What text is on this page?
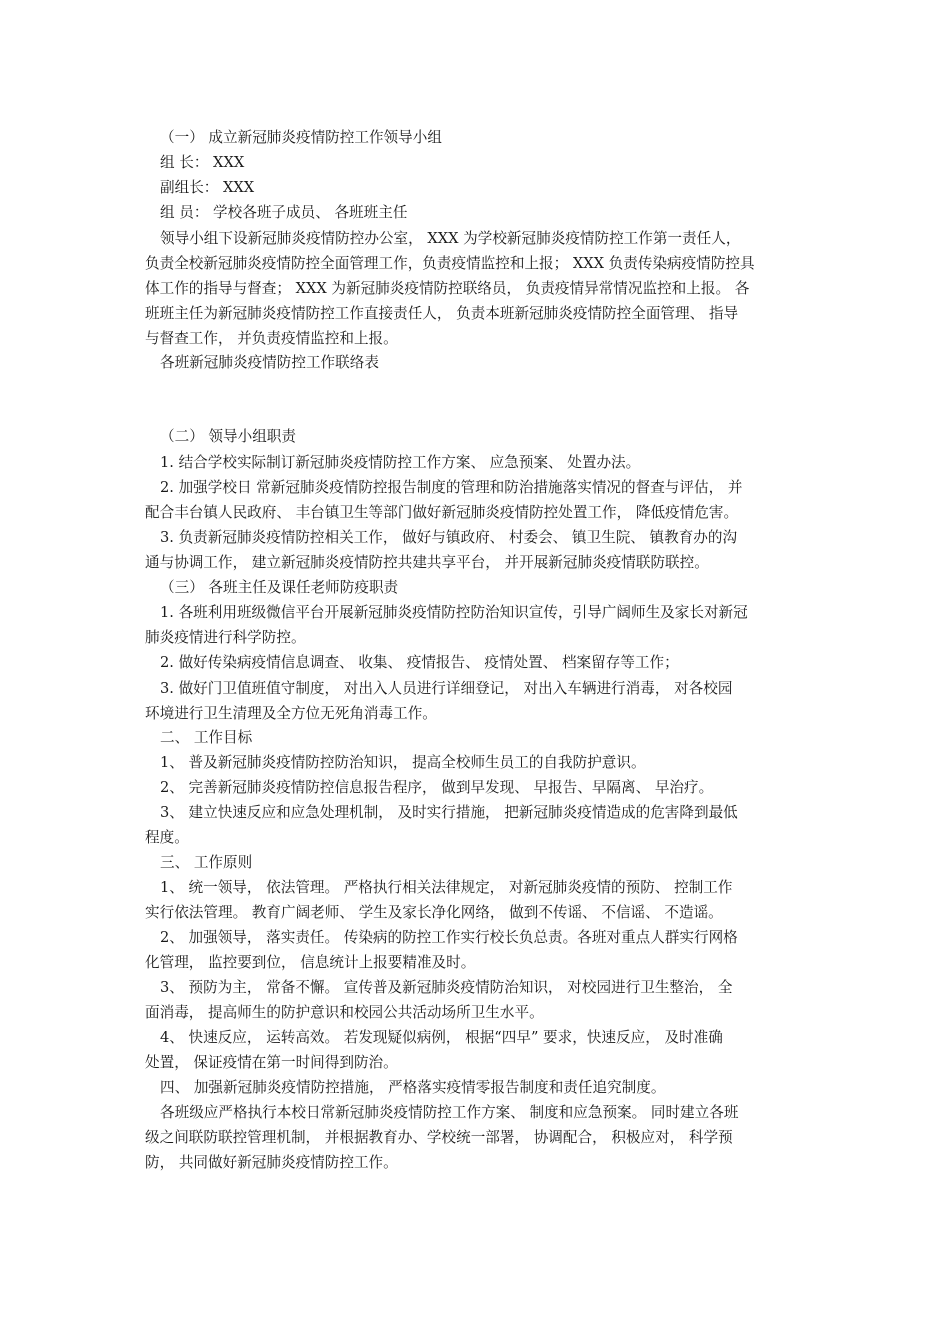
（一） 成立新冠肺炎疫情防控工作领导小组
组 长： XXX
副组长： XXX
组 员： 学校各班子成员、 各班班主任
领导小组下设新冠肺炎疫情防控办公室， XXX 为学校新冠肺炎疫情防控工作第一责任人，
负责全校新冠肺炎疫情防控全面管理工作，负责疫情监控和上报； XXX 负责传染病疫情防控具
体工作的指导与督查； XXX 为新冠肺炎疫情防控联络员， 负责疫情异常情况监控和上报。 各
班班主任为新冠肺炎疫情防控工作直接责任人， 负责本班新冠肺炎疫情防控全面管理、 指导
与督查工作， 并负责疫情监控和上报。
各班新冠肺炎疫情防控工作联络表
（二） 领导小组职责
1. 结合学校实际制订新冠肺炎疫情防控工作方案、 应急预案、 处置办法。
2. 加强学校日 常新冠肺炎疫情防控报告制度的管理和防治措施落实情况的督查与评估， 并
配合丰台镇人民政府、 丰台镇卫生等部门做好新冠肺炎疫情防控处置工作， 降低疫情危害。
3. 负责新冠肺炎疫情防控相关工作， 做好与镇政府、 村委会、 镇卫生院、 镇教育办的沟
通与协调工作， 建立新冠肺炎疫情防控共建共享平台， 并开展新冠肺炎疫情联防联控。
（三） 各班主任及课任老师防疫职责
1. 各班利用班级微信平台开展新冠肺炎疫情防控防治知识宣传，引导广阔师生及家长对新冠
肺炎疫情进行科学防控。
2. 做好传染病疫情信息调查、 收集、 疫情报告、 疫情处置、 档案留存等工作；
3. 做好门卫值班值守制度， 对出入人员进行详细登记， 对出入车辆进行消毒， 对各校园
环境进行卫生清理及全方位无死角消毒工作。
二、 工作目标
1、 普及新冠肺炎疫情防控防治知识， 提高全校师生员工的自我防护意识。
2、 完善新冠肺炎疫情防控信息报告程序， 做到早发现、 早报告、早隔离、 早治疗。
3、 建立快速反应和应急处理机制， 及时实行措施， 把新冠肺炎疫情造成的危害降到最低
程度。
三、 工作原则
1、 统一领导， 依法管理。 严格执行相关法律规定， 对新冠肺炎疫情的预防、 控制工作
实行依法管理。 教育广阔老师、 学生及家长净化网络， 做到不传谣、 不信谣、 不造谣。
2、 加强领导， 落实责任。 传染病的防控工作实行校长负总责。各班对重点人群实行网格
化管理， 监控要到位， 信息统计上报要精准及时。
3、 预防为主， 常备不懈。 宣传普及新冠肺炎疫情防治知识， 对校园进行卫生整治， 全
面消毒， 提高师生的防护意识和校园公共活动场所卫生水平。
4、 快速反应， 运转高效。 若发现疑似病例， 根据“四早” 要求，快速反应， 及时准确
处置， 保证疫情在第一时间得到防治。
四、 加强新冠肺炎疫情防控措施， 严格落实疫情零报告制度和责任追究制度。
各班级应严格执行本校日常新冠肺炎疫情防控工作方案、 制度和应急预案。 同时建立各班
级之间联防联控管理机制， 并根据教育办、学校统一部署， 协调配合， 积极应对， 科学预
防， 共同做好新冠肺炎疫情防控工作。
